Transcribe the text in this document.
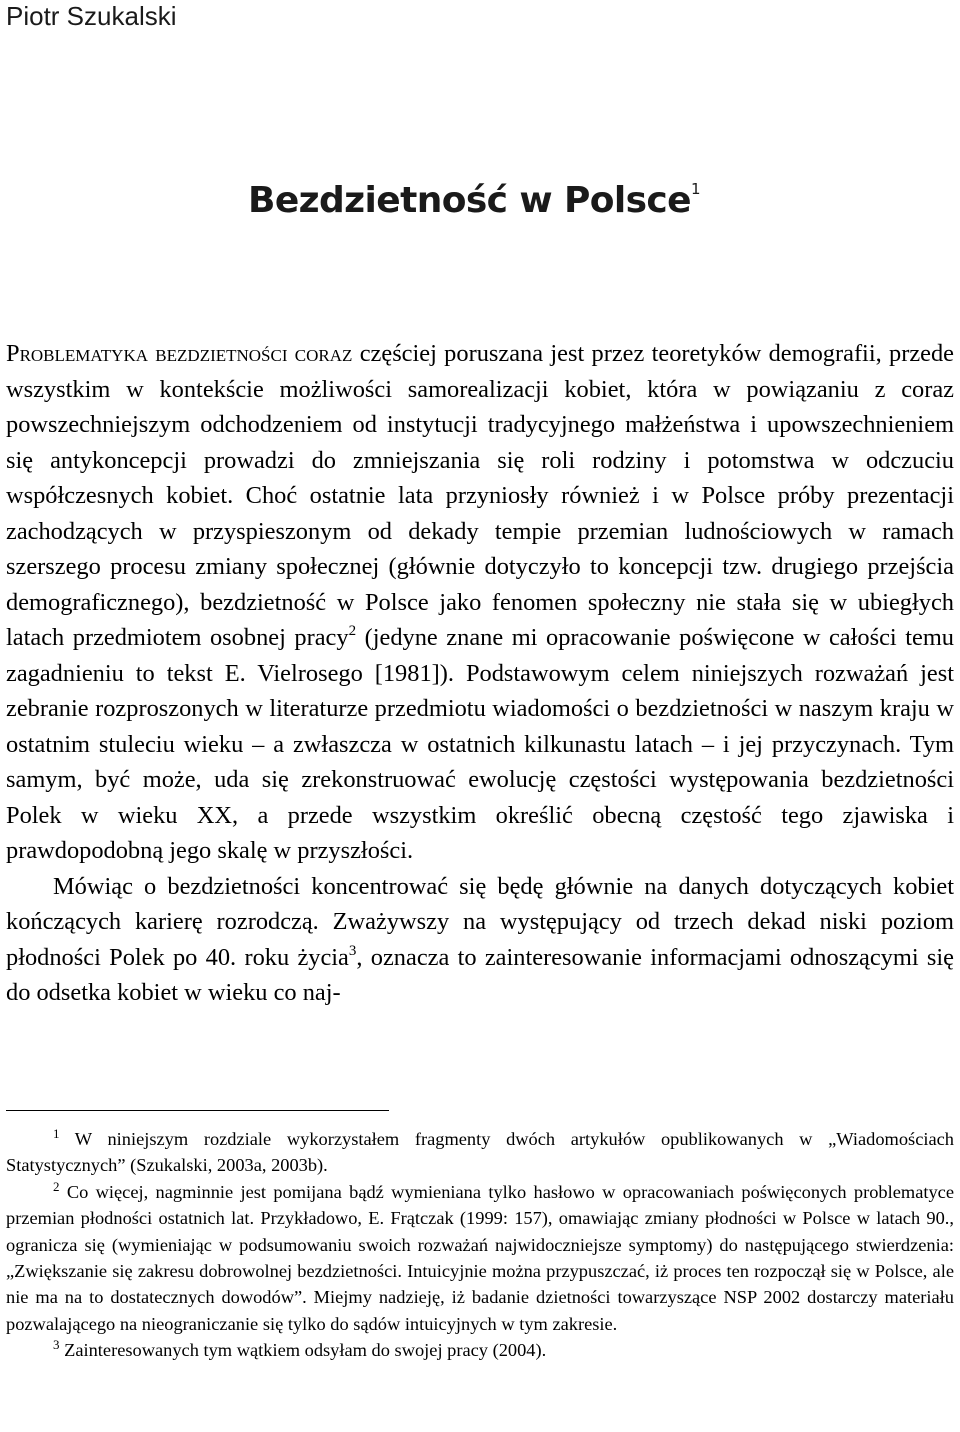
Piotr Szukalski
Bezdzietność w Polsce$^1$

Problematyka bezdzietności coraz częściej poruszana jest przez teoretyków demografii, przede wszystkim w kontekście możliwości samorealizacji kobiet, która w powiązaniu z coraz powszechniejszym odchodzeniem od instytucji tradycyjnego małżeństwa i upowszechnieniem się antykoncepcji prowadzi do zmniejszania się roli rodziny i potomstwa w odczuciu współczesnych kobiet. Choć ostatnie lata przyniosły również i w Polsce próby prezentacji zachodzących w przyspieszonym od dekady tempie przemian ludnościowych w ramach szerszego procesu zmiany społecznej (głównie dotyczyło to koncepcji tzw. drugiego przejścia demograficznego), bezdzietność w Polsce jako fenomen społeczny nie stała się w ubiegłych latach przedmiotem osobnej pracy$^2$ (jedyne znane mi opracowanie poświęcone w całości temu zagadnieniu to tekst E. Vielrosego [1981]). Podstawowym celem niniejszych rozważań jest zebranie rozproszonych w literaturze przedmiotu wiadomości o bezdzietności w naszym kraju w ostatnim stuleciu wieku – a zwłaszcza w ostatnich kilkunastu latach – i jej przyczynach. Tym samym, być może, uda się zrekonstruować ewolucję częstości występowania bezdzietności Polek w wieku XX, a przede wszystkim określić obecną częstość tego zjawiska i prawdopodobną jego skalę w przyszłości.

Mówiąc o bezdzietności koncentrować się będę głównie na danych dotyczących kobiet kończących karierę rozrodczą. Zważywszy na występujący od trzech dekad niski poziom płodności Polek po 40. roku życia$^3$, oznacza to zainteresowanie informacjami odnoszącymi się do odsetka kobiet w wieku co naj-

$^1$ W niniejszym rozdziale wykorzystałem fragmenty dwóch artykułów opublikowanych w „Wiadomościach Statystycznych” (Szukalski, 2003a, 2003b).

$^2$ Co więcej, nagminnie jest pomijana bądź wymieniana tylko hasłowo w opracowaniach poświęconych problematyce przemian płodności ostatnich lat. Przykładowo, E. Frątczak (1999: 157), omawiając zmiany płodności w Polsce w latach 90., ogranicza się (wymieniając w podsumowaniu swoich rozważań najwidoczniejsze symptomy) do następującego stwierdzenia: „Zwiększanie się zakresu dobrowolnej bezdzietności. Intuicyjnie można przypuszczać, iż proces ten rozpoczął się w Polsce, ale nie ma na to dostatecznych dowodów”. Miejmy nadzieję, iż badanie dzietności towarzyszące NSP 2002 dostarczy materiału pozwalającego na nieograniczanie się tylko do sądów intuicyjnych w tym zakresie.

$^3$ Zainteresowanych tym wątkiem odsyłam do swojej pracy (2004).
